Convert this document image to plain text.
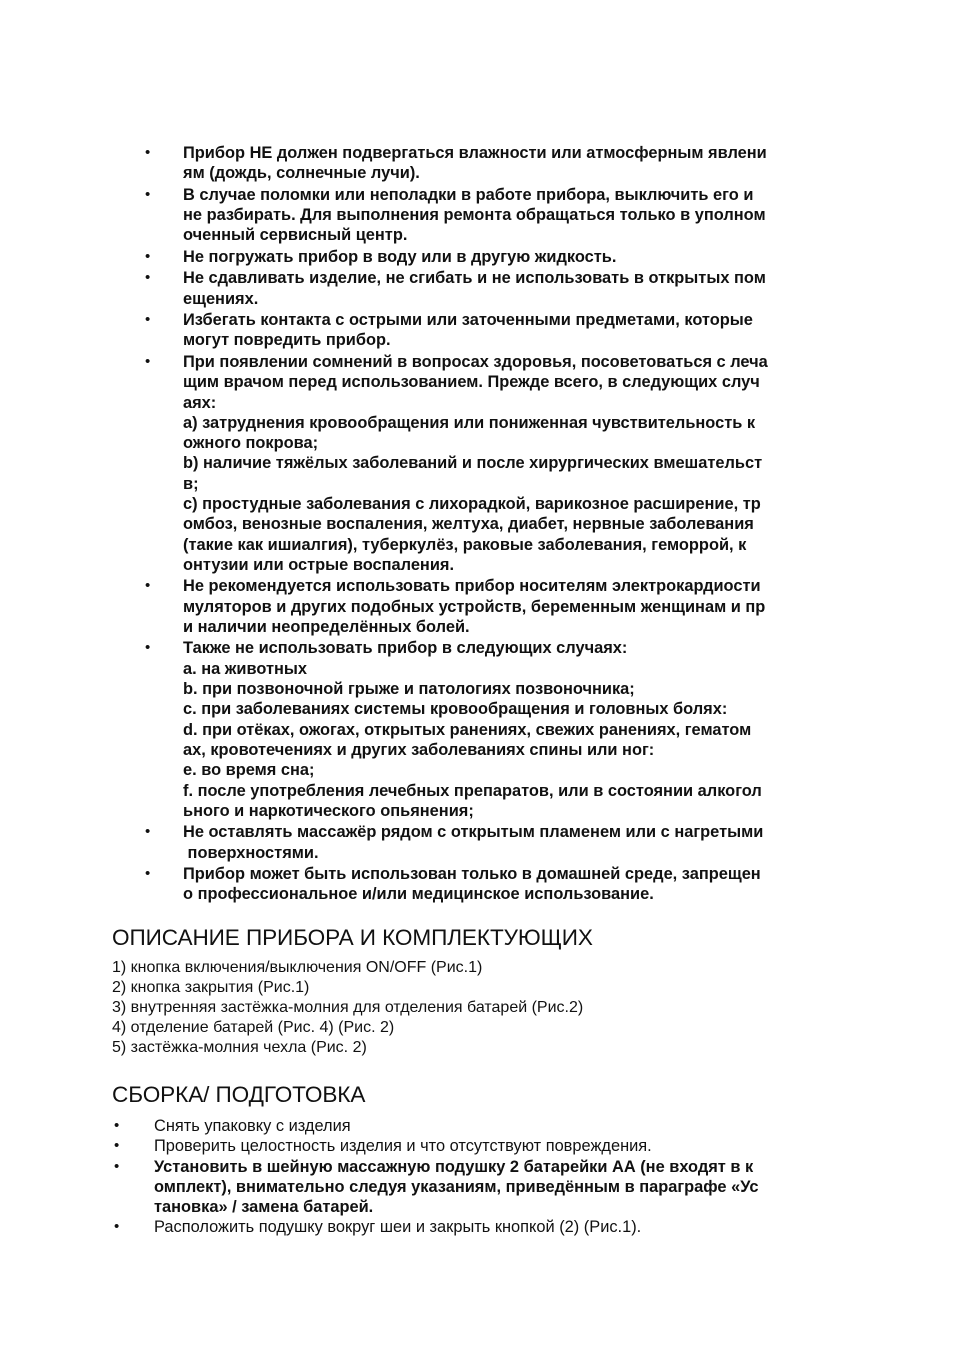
• Прибор НЕ должен подвергаться влажности или атмосферным явлени
ям (дождь, солнечные лучи).
• В случае поломки или неполадки в работе прибора, выключить его и
не разбирать. Для выполнения ремонта обращаться только в уполном
оченный сервисный центр.
• Не погружать прибор в воду или в другую жидкость.
• Не сдавливать изделие, не сгибать и не использовать в открытых пом
ещениях.
• Избегать контакта с острыми или заточенными предметами, которые
могут повредить прибор.
• При появлении сомнений в вопросах здоровья, посоветоваться с леча
щим врачом перед использованием. Прежде всего, в следующих случ
аях:
а) затруднения кровообращения или пониженная чувствительность к
ожного покрова;
b) наличие тяжёлых заболеваний и после хирургических вмешательст
в;
c) простудные заболевания с лихорадкой, варикозное расширение, тр
омбоз, венозные воспаления, желтуха, диабет, нервные заболевания
(такие как ишиалгия), туберкулёз, раковые заболевания, геморрой, к
онтузии или острые воспаления.
• Не рекомендуется использовать прибор носителям электрокардиости
муляторов и других подобных устройств, беременным женщинам и пр
и наличии неопределённых болей.
• Также не использовать прибор в следующих случаях:
a. на животных
b. при позвоночной грыже и патологиях позвоночника;
c. при заболеваниях системы кровообращения и головных болях:
d. при отёках, ожогах, открытых ранениях, свежих ранениях, гематом
ах, кровотечениях и других заболеваниях спины или ног:
e. во время сна;
f. после употребления лечебных препаратов, или в состоянии алкогол
ьного и наркотического опьянения;
• Не оставлять массажёр рядом с открытым пламенем или с нагретыми
поверхностями.
• Прибор может быть использован только в домашней среде, запрещен
о профессиональное и/или медицинское использование.
ОПИСАНИЕ ПРИБОРА И КОМПЛЕКТУЮЩИХ
1) кнопка включения/выключения ON/OFF (Рис.1)
2) кнопка закрытия (Рис.1)
3) внутренняя застёжка-молния для отделения батарей (Рис.2)
4) отделение батарей (Рис. 4) (Рис. 2)
5) застёжка-молния чехла (Рис. 2)
СБОРКА/ ПОДГОТОВКА
• Снять упаковку с изделия
• Проверить целостность изделия и что отсутствуют повреждения.
• Установить в шейную массажную подушку 2 батарейки АА (не входят в к
омплект), внимательно следуя указаниям, приведённым в параграфе «Ус
тановка» / замена батарей.
• Расположить подушку вокруг шеи и закрыть кнопкой (2) (Рис.1).
